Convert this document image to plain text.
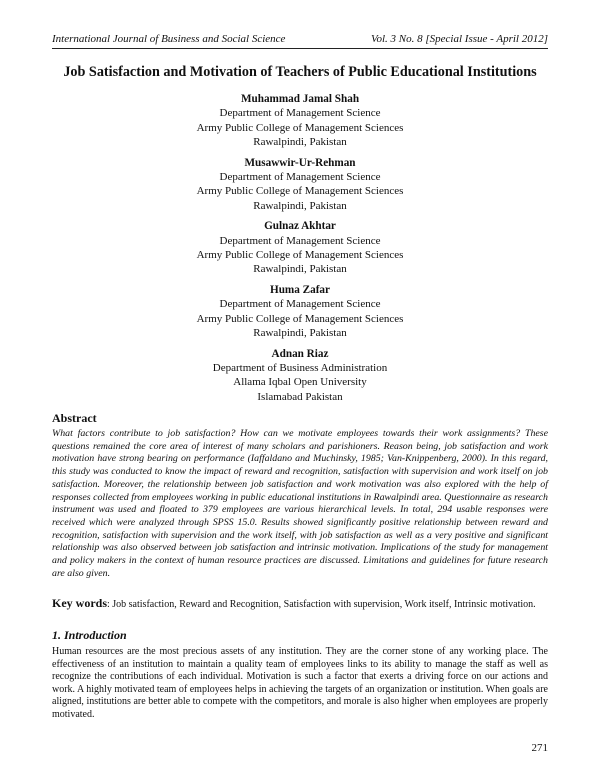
International Journal of Business and Social Science	Vol. 3 No. 8 [Special Issue - April 2012]
Job Satisfaction and Motivation of Teachers of Public Educational Institutions
Muhammad Jamal Shah
Department of Management Science
Army Public College of Management Sciences
Rawalpindi, Pakistan
Musawwir-Ur-Rehman
Department of Management Science
Army Public College of Management Sciences
Rawalpindi, Pakistan
Gulnaz Akhtar
Department of Management Science
Army Public College of Management Sciences
Rawalpindi, Pakistan
Huma Zafar
Department of Management Science
Army Public College of Management Sciences
Rawalpindi, Pakistan
Adnan Riaz
Department of Business Administration
Allama Iqbal Open University
Islamabad Pakistan
Abstract
What factors contribute to job satisfaction? How can we motivate employees towards their work assignments? These questions remained the core area of interest of many scholars and parishioners. Reason being, job satisfaction and work motivation have strong bearing on performance (Iaffaldano and Muchinsky, 1985; Van-Knippenberg, 2000). In this regard, this study was conducted to know the impact of reward and recognition, satisfaction with supervision and work itself on job satisfaction. Moreover, the relationship between job satisfaction and work motivation was also explored with the help of responses collected from employees working in public educational institutions in Rawalpindi area. Questionnaire as research instrument was used and floated to 379 employees are various hierarchical levels. In total, 294 usable responses were received which were analyzed through SPSS 15.0. Results showed significantly positive relationship between reward and recognition, satisfaction with supervision and the work itself, with job satisfaction as well as a very positive and significant relationship was also observed between job satisfaction and intrinsic motivation. Implications of the study for management and policy makers in the context of human resource practices are discussed. Limitations and guidelines for future research are also given.
Key words: Job satisfaction, Reward and Recognition, Satisfaction with supervision, Work itself, Intrinsic motivation.
1. Introduction
Human resources are the most precious assets of any institution. They are the corner stone of any working place. The effectiveness of an institution to maintain a quality team of employees links to its ability to manage the staff as well as recognize the contributions of each individual. Motivation is such a factor that exerts a driving force on our actions and work. A highly motivated team of employees helps in achieving the targets of an organization or institution. When goals are aligned, institutions are better able to compete with the competitors, and morale is also higher when employees are properly motivated.
271
